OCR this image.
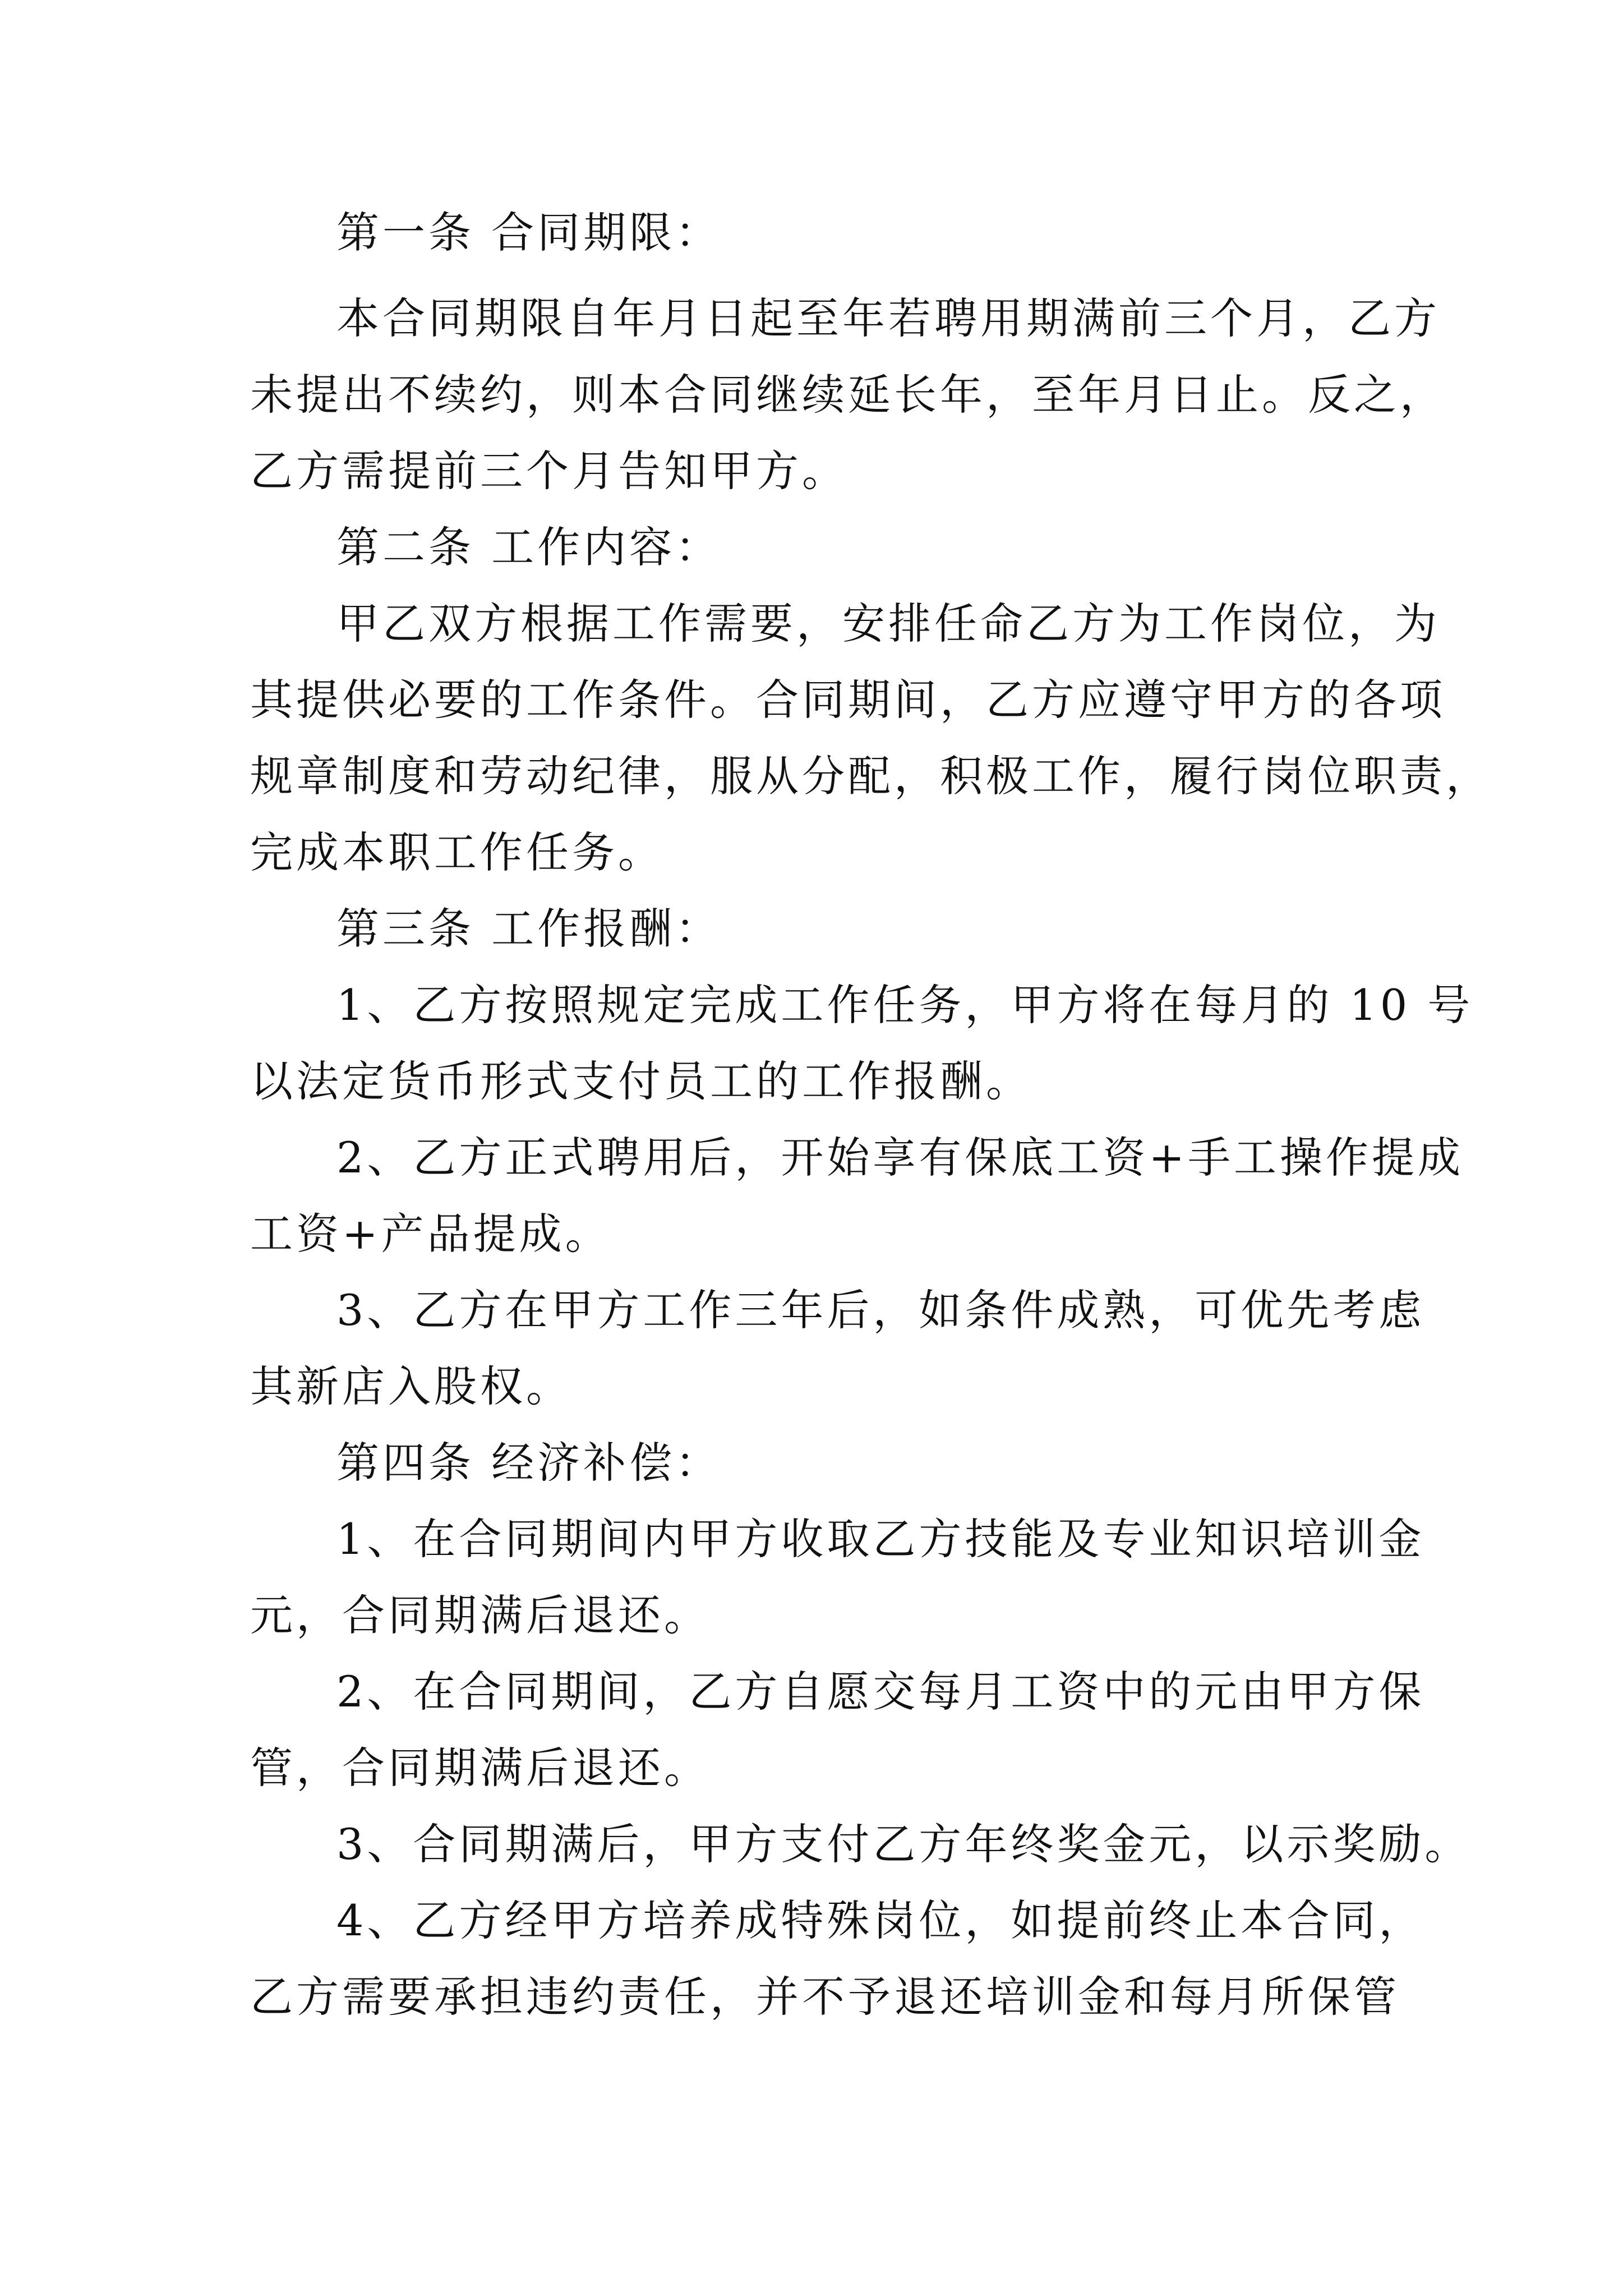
第一条 合同期限：
本合同期限自年月日起至年若聘用期满前三个月，乙方
未提出不续约，则本合同继续延长年，至年月日止。反之，
乙方需提前三个月告知甲方。
第二条 工作内容：
甲乙双方根据工作需要，安排任命乙方为工作岗位，为
其提供必要的工作条件。合同期间，乙方应遵守甲方的各项
规章制度和劳动纪律，服从分配，积极工作，履行岗位职责，
完成本职工作任务。
第三条 工作报酬：
1、乙方按照规定完成工作任务，甲方将在每月的 10 号
以法定货币形式支付员工的工作报酬。
2、乙方正式聘用后，开始享有保底工资+手工操作提成
工资+产品提成。
3、乙方在甲方工作三年后，如条件成熟，可优先考虑
其新店入股权。
第四条 经济补偿：
1、在合同期间内甲方收取乙方技能及专业知识培训金
元，合同期满后退还。
2、在合同期间，乙方自愿交每月工资中的元由甲方保
管，合同期满后退还。
3、合同期满后，甲方支付乙方年终奖金元，以示奖励。
4、乙方经甲方培养成特殊岗位，如提前终止本合同，
乙方需要承担违约责任，并不予退还培训金和每月所保管
